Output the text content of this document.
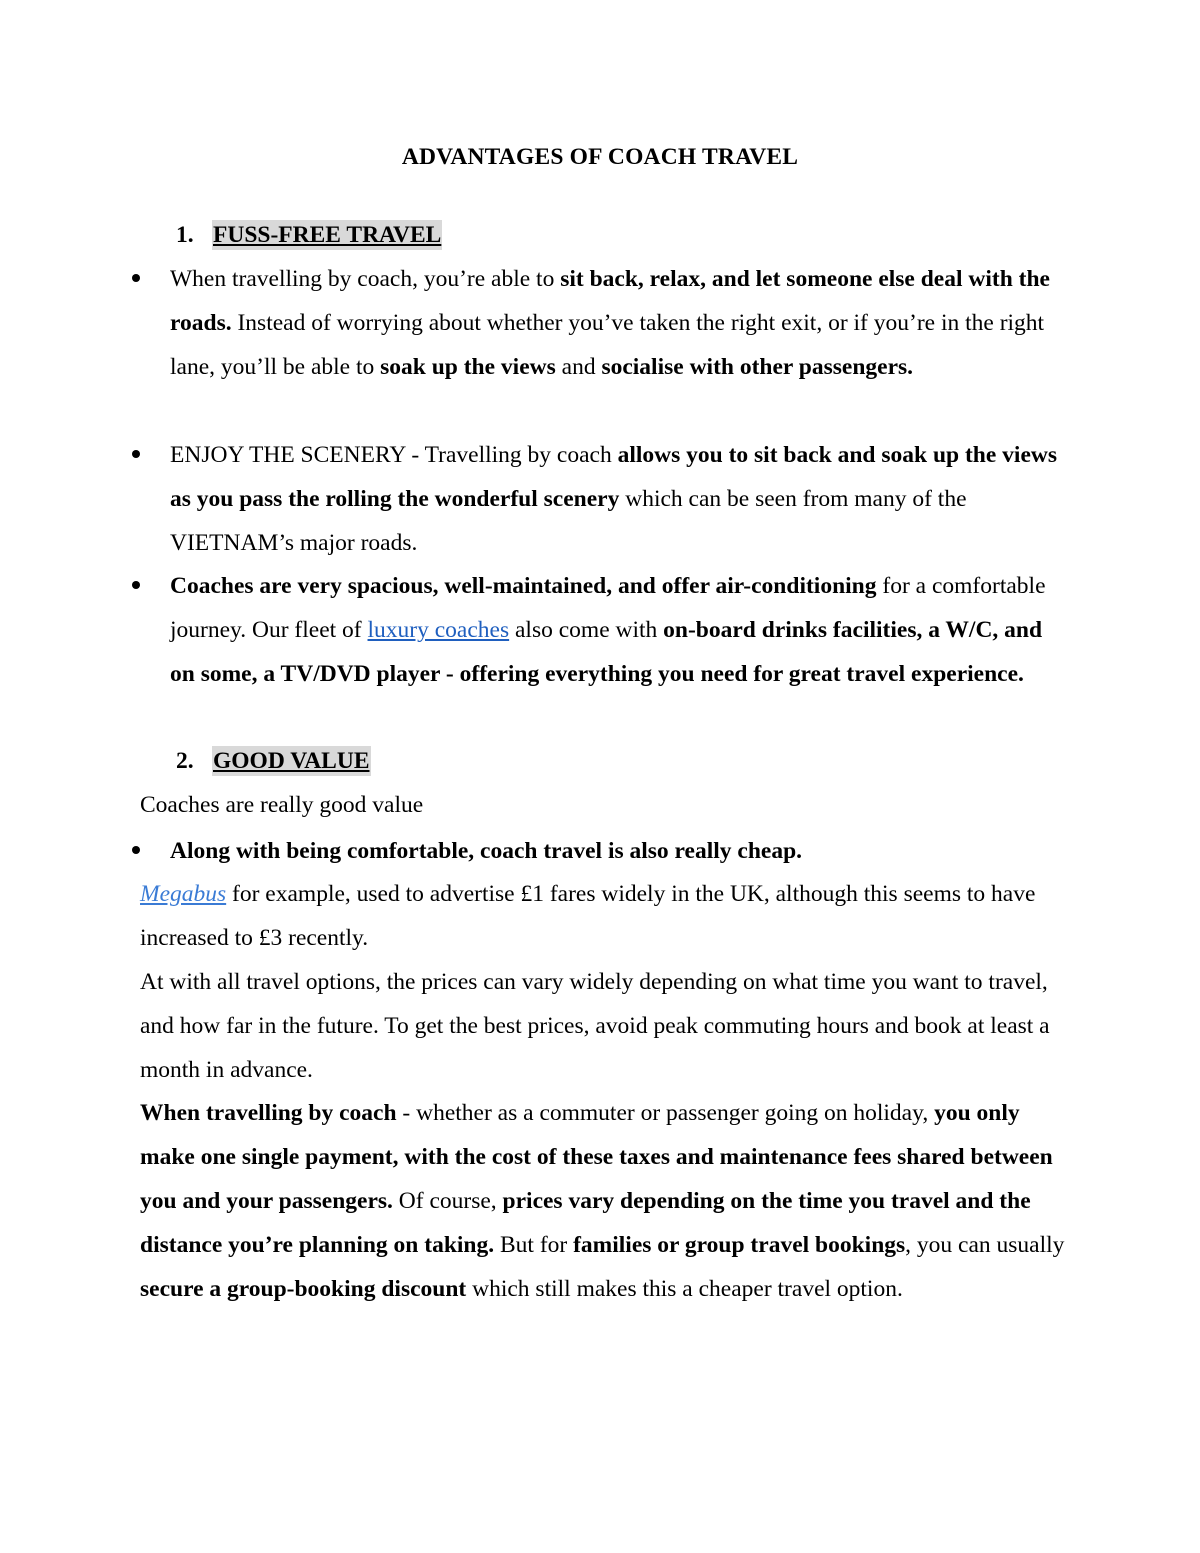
ADVANTAGES OF COACH TRAVEL
1. FUSS-FREE TRAVEL
When travelling by coach, you’re able to sit back, relax, and let someone else deal with the roads. Instead of worrying about whether you’ve taken the right exit, or if you’re in the right lane, you’ll be able to soak up the views and socialise with other passengers.
ENJOY THE SCENERY - Travelling by coach allows you to sit back and soak up the views as you pass the rolling the wonderful scenery which can be seen from many of the VIETNAM’s major roads.
Coaches are very spacious, well-maintained, and offer air-conditioning for a comfortable journey. Our fleet of luxury coaches also come with on-board drinks facilities, a W/C, and on some, a TV/DVD player - offering everything you need for great travel experience.
2. GOOD VALUE
Coaches are really good value
Along with being comfortable, coach travel is also really cheap.
Megabus for example, used to advertise £1 fares widely in the UK, although this seems to have increased to £3 recently.
At with all travel options, the prices can vary widely depending on what time you want to travel, and how far in the future. To get the best prices, avoid peak commuting hours and book at least a month in advance.
When travelling by coach - whether as a commuter or passenger going on holiday, you only make one single payment, with the cost of these taxes and maintenance fees shared between you and your passengers. Of course, prices vary depending on the time you travel and the distance you’re planning on taking. But for families or group travel bookings, you can usually secure a group-booking discount which still makes this a cheaper travel option.
